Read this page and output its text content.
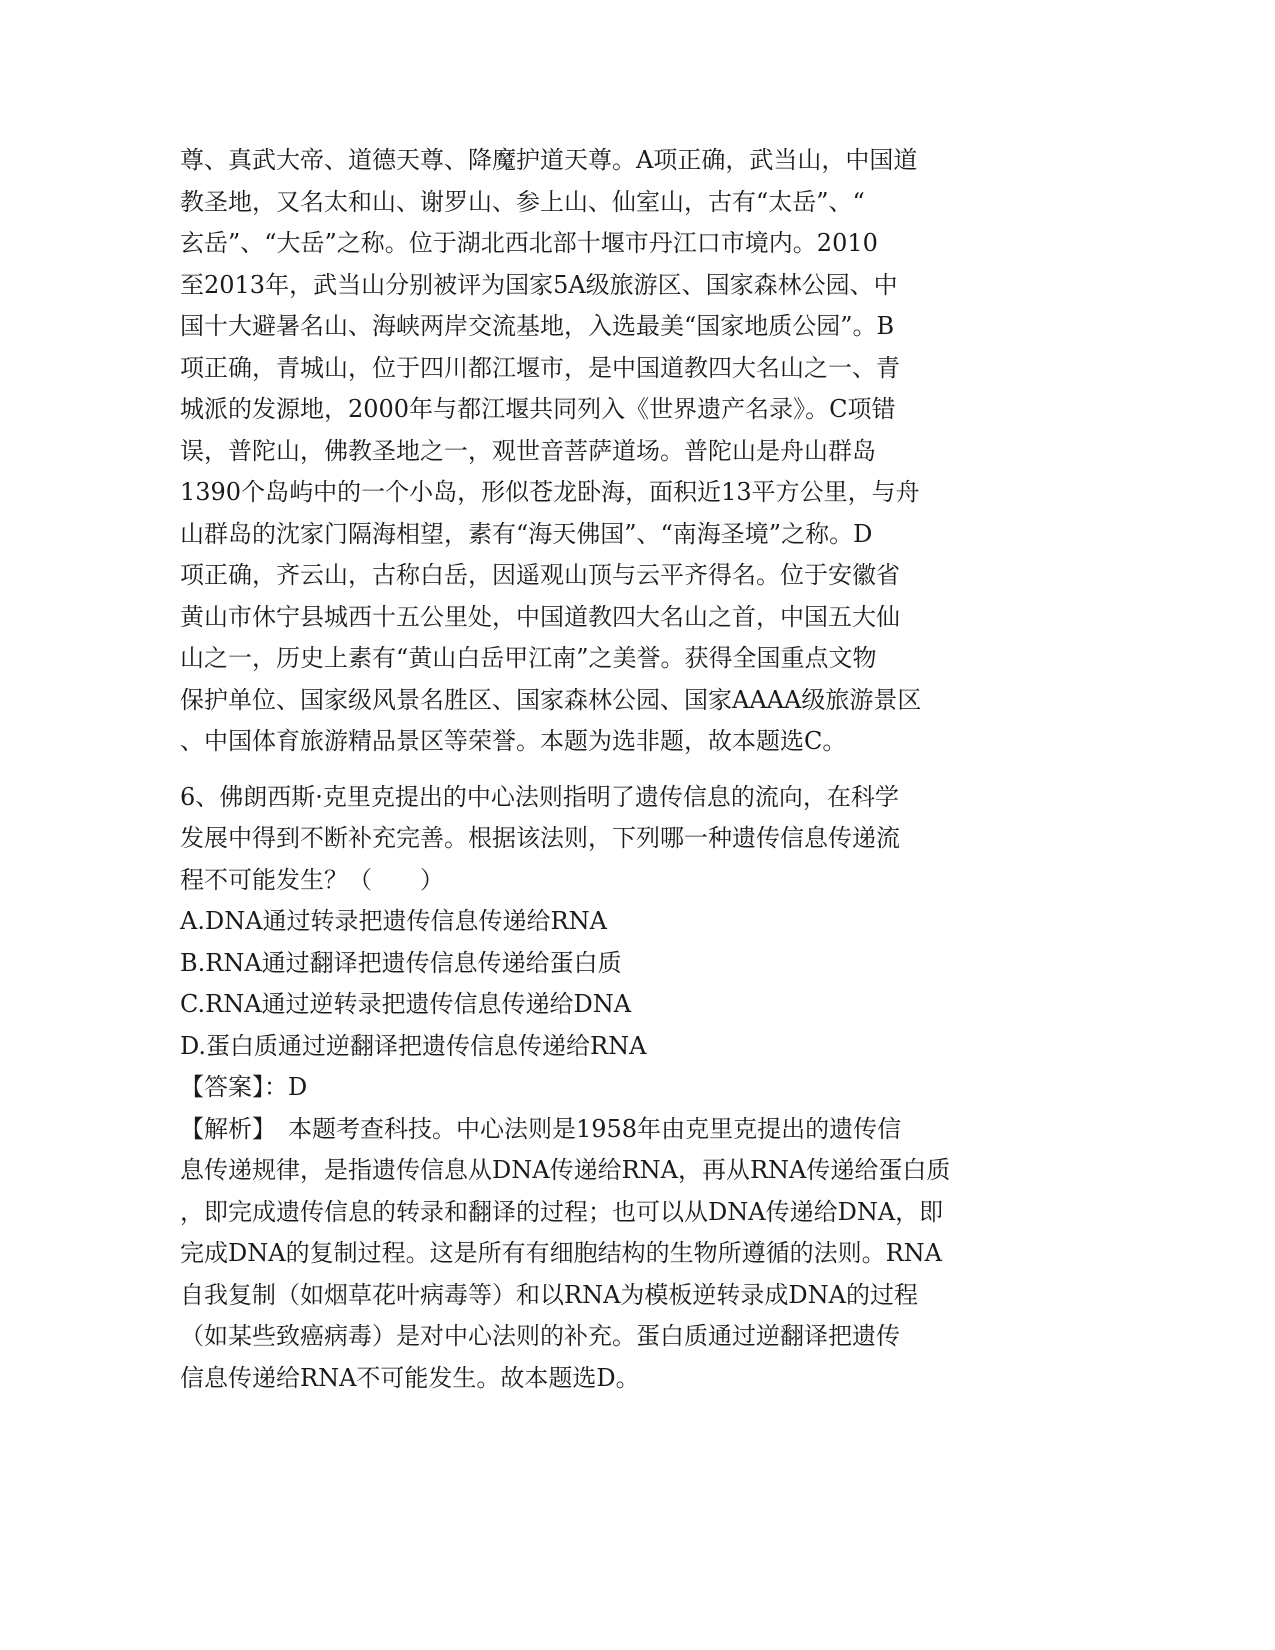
尊、真武大帝、道德天尊、降魔护道天尊。A项正确，武当山，中国道
教圣地，又名太和山、谢罗山、参上山、仙室山，古有“太岳”、“
玄岳”、“大岳”之称。位于湖北西北部十堰市丹江口市境内。2010
至2013年，武当山分别被评为国家5A级旅游区、国家森林公园、中
国十大避暑名山、海峡两岸交流基地，入选最美“国家地质公园”。B
项正确，青城山，位于四川都江堰市，是中国道教四大名山之一、青
城派的发源地，2000年与都江堰共同列入《世界遗产名录》。C项错
误，普陀山，佛教圣地之一，观世音菩萨道场。普陀山是舟山群岛
1390个岛屿中的一个小岛，形似苍龙卧海，面积近13平方公里，与舟
山群岛的沈家门隔海相望，素有“海天佛国”、“南海圣境”之称。D
项正确，齐云山，古称白岳，因遥观山顶与云平齐得名。位于安徽省
黄山市休宁县城西十五公里处，中国道教四大名山之首，中国五大仙
山之一，历史上素有“黄山白岳甲江南”之美誉。获得全国重点文物
保护单位、国家级风景名胜区、国家森林公园、国家AAAA级旅游景区
、中国体育旅游精品景区等荣誉。本题为选非题，故本题选C。
6、佛朗西斯·克里克提出的中心法则指明了遗传信息的流向，在科学
发展中得到不断补充完善。根据该法则，下列哪一种遗传信息传递流
程不可能发生？（　　）
A.DNA通过转录把遗传信息传递给RNA
B.RNA通过翻译把遗传信息传递给蛋白质
C.RNA通过逆转录把遗传信息传递给DNA
D.蛋白质通过逆翻译把遗传信息传递给RNA
【答案】：D
【解析】　本题考查科技。中心法则是1958年由克里克提出的遗传信
息传递规律，是指遗传信息从DNA传递给RNA，再从RNA传递给蛋白质
，即完成遗传信息的转录和翻译的过程；也可以从DNA传递给DNA，即
完成DNA的复制过程。这是所有有细胞结构的生物所遵循的法则。RNA
自我复制（如烟草花叶病毒等）和以RNA为模板逆转录成DNA的过程
（如某些致癌病毒）是对中心法则的补充。蛋白质通过逆翻译把遗传
信息传递给RNA不可能发生。故本题选D。
